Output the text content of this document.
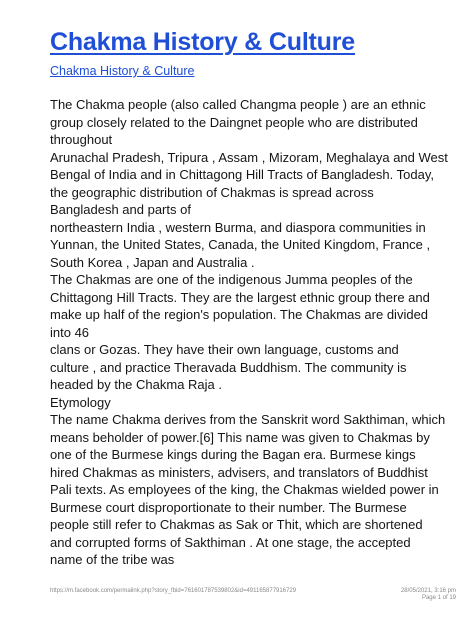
Chakma History & Culture
Chakma History & Culture
The Chakma people (also called Changma people ) are an ethnic
group closely related to the Daingnet people who are distributed
throughout
Arunachal Pradesh, Tripura , Assam , Mizoram, Meghalaya and West
Bengal of India and in Chittagong Hill Tracts of Bangladesh. Today,
the geographic distribution of Chakmas is spread across
Bangladesh and parts of
northeastern India , western Burma, and diaspora communities in
Yunnan, the United States, Canada, the United Kingdom, France ,
South Korea , Japan and Australia .
The Chakmas are one of the indigenous Jumma peoples of the
Chittagong Hill Tracts. They are the largest ethnic group there and
make up half of the region's population. The Chakmas are divided
into 46
clans or Gozas. They have their own language, customs and
culture , and practice Theravada Buddhism. The community is
headed by the Chakma Raja .
Etymology
The name Chakma derives from the Sanskrit word Sakthiman, which
means beholder of power.[6] This name was given to Chakmas by
one of the Burmese kings during the Bagan era. Burmese kings
hired Chakmas as ministers, advisers, and translators of Buddhist
Pali texts. As employees of the king, the Chakmas wielded power in
Burmese court disproportionate to their number. The Burmese
people still refer to Chakmas as Sak or Thit, which are shortened
and corrupted forms of Sakthiman . At one stage, the accepted
name of the tribe was
https://m.facebook.com/permalink.php?story_fbid=761601787539802&id=491165877916729	28/05/2021, 3:16 pm
Page 1 of 19
